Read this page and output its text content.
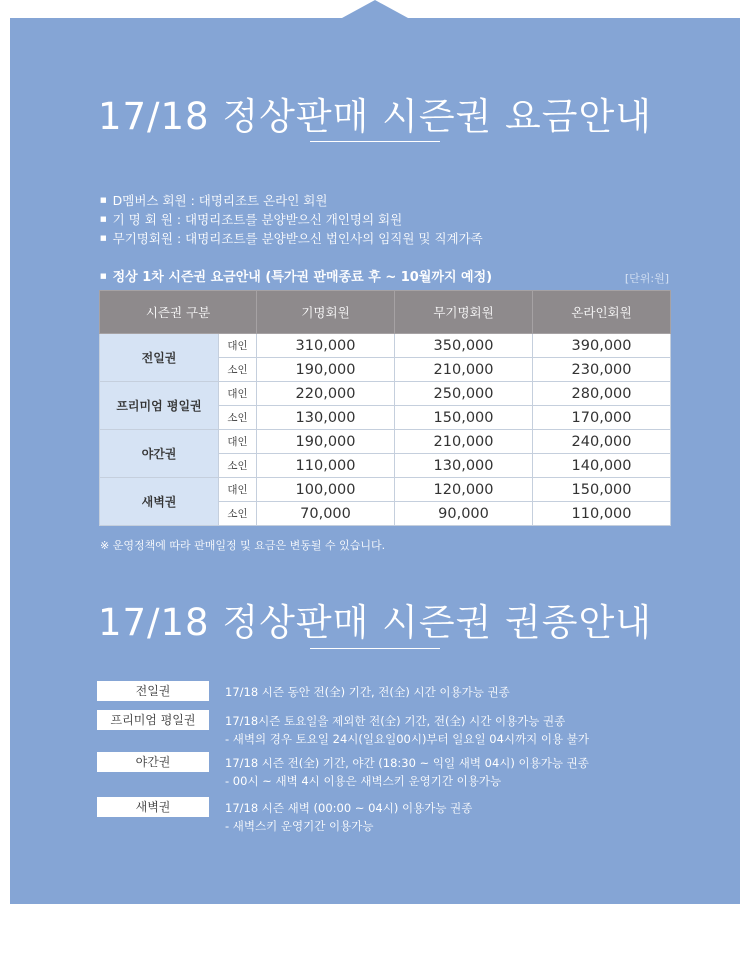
17/18 정상판매 시즌권 요금안내
■ D멤버스 회원 : 대명리조트 온라인 회원
■ 기 명 회 원 : 대명리조트를 분양받으신 개인명의 회원
■ 무기명회원 : 대명리조트를 분양받으신 법인사의 임직원 및 직계가족
■ 정상 1차 시즌권 요금안내 (특가권 판매종료 후 ~ 10월까지 예정)	[단위:원]
시즌권 구분		기명회원	무기명회원	온라인회원
전일권	대인	310,000	350,000	390,000
	소인	190,000	210,000	230,000
프리미엄 평일권	대인	220,000	250,000	280,000
	소인	130,000	150,000	170,000
야간권	대인	190,000	210,000	240,000
	소인	110,000	130,000	140,000
새벽권	대인	100,000	120,000	150,000
	소인	70,000	90,000	110,000
※ 운영정책에 따라 판매일정 및 요금은 변동될 수 있습니다.
17/18 정상판매 시즌권 권종안내
전일권	17/18 시즌 동안 전(全) 기간, 전(全) 시간 이용가능 권종
프리미엄 평일권	17/18시즌 토요일을 제외한 전(全) 기간, 전(全) 시간 이용가능 권종
- 새벽의 경우 토요일 24시(일요일00시)부터 일요일 04시까지 이용 불가
야간권	17/18 시즌 전(全) 기간, 야간 (18:30 ~ 익일 새벽 04시) 이용가능 권종
- 00시 ~ 새벽 4시 이용은 새벽스키 운영기간 이용가능
새벽권	17/18 시즌 새벽 (00:00 ~ 04시) 이용가능 권종
- 새벽스키 운영기간 이용가능
